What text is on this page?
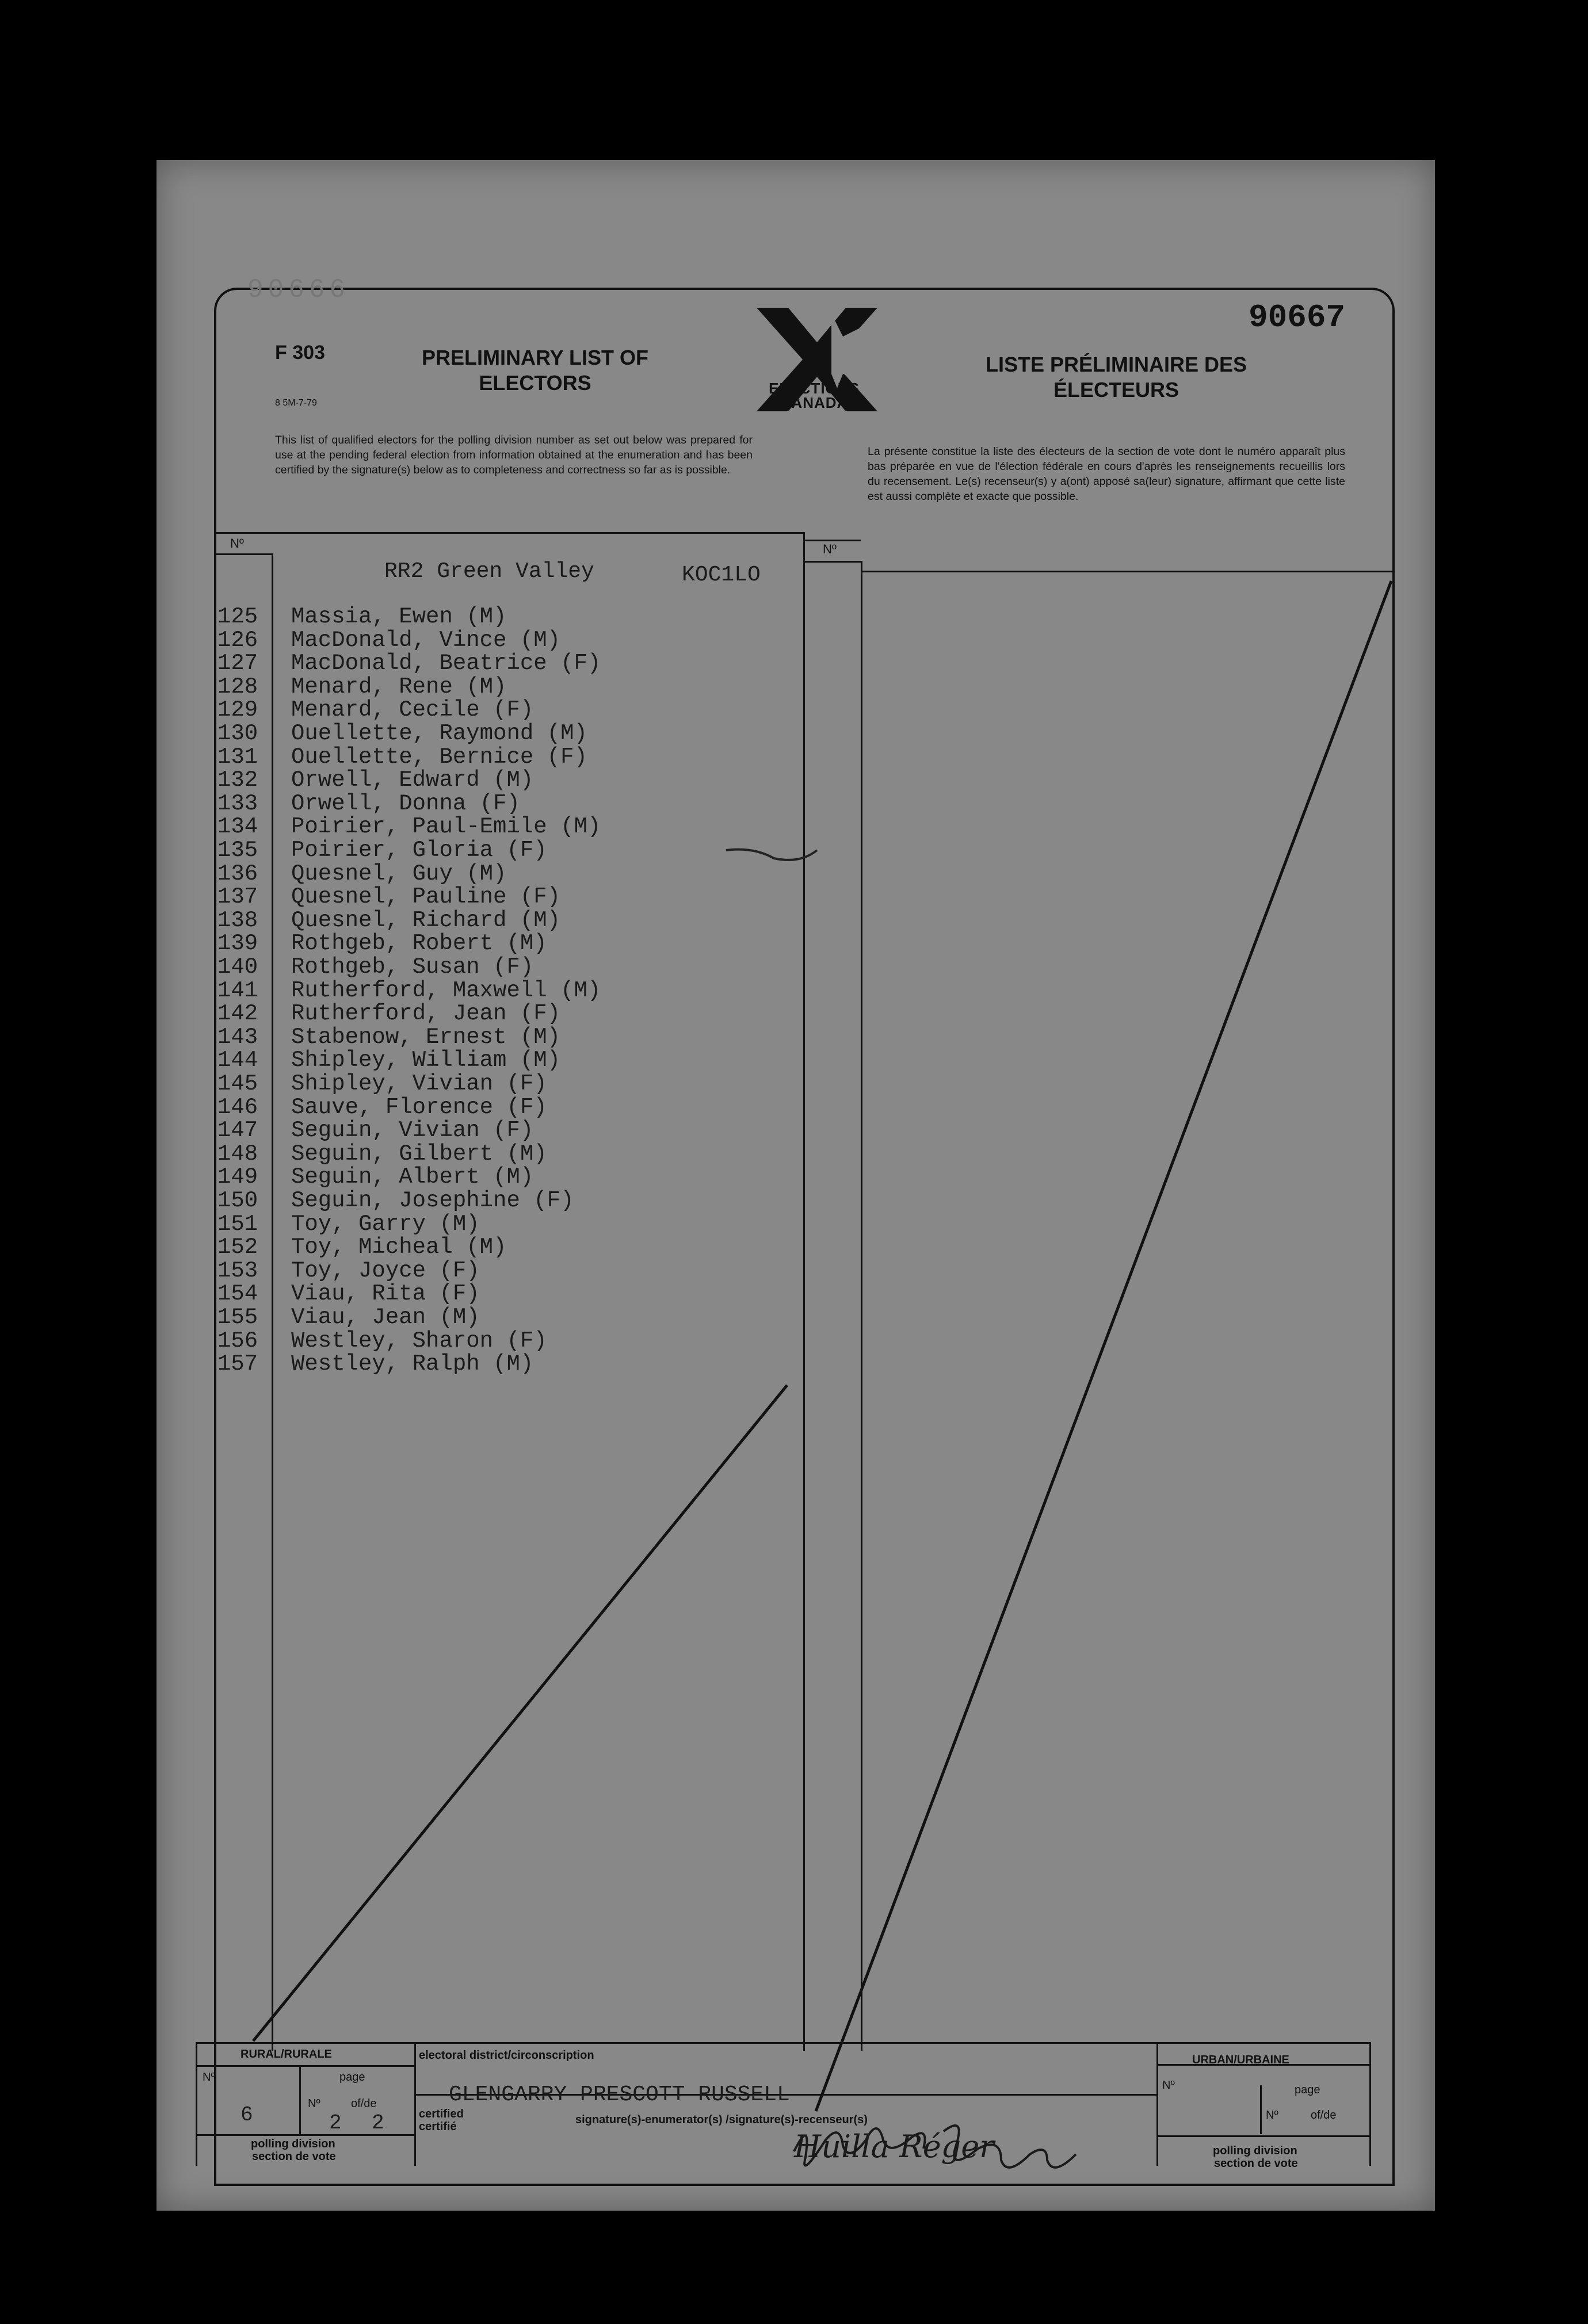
90666
F 303
8 5M-7-79
PRELIMINARY LIST OF ELECTORS	ELECTIONS
CANADA
LISTE PRÉLIMINAIRE DES ÉLECTEURS
90667
This list of qualified electors for the polling division number as set out below was prepared for use at the pending federal election from information obtained at the enumeration and has been certified by the signature(s) below as to completeness and correctness so far as is possible.
La présente constitue la liste des électeurs de la section de vote dont le numéro apparaît plus bas préparée en vue de l'élection fédérale en cours d'après les renseignements recueillis lors du recensement. Le(s) recenseur(s) y a(ont) apposé sa(leur) signature, affirmant que cette liste est aussi complète et exacte que possible.
Nº	Nº
RR2 Green Valley	KOC1LO
125	Massia, Ewen (M)
126	MacDonald, Vince (M)
127	MacDonald, Beatrice (F)
128	Menard, Rene (M)
129	Menard, Cecile (F)
130	Ouellette, Raymond (M)
131	Ouellette, Bernice (F)
132	Orwell, Edward (M)
133	Orwell, Donna (F)
134	Poirier, Paul-Emile (M)
135	Poirier, Gloria (F)
136	Quesnel, Guy (M)
137	Quesnel, Pauline (F)
138	Quesnel, Richard (M)
139	Rothgeb, Robert (M)
140	Rothgeb, Susan (F)
141	Rutherford, Maxwell (M)
142	Rutherford, Jean (F)
143	Stabenow, Ernest (M)
144	Shipley, William (M)
145	Shipley, Vivian (F)
146	Sauve, Florence (F)
147	Seguin, Vivian (F)
148	Seguin, Gilbert (M)
149	Seguin, Albert (M)
150	Seguin, Josephine (F)
151	Toy, Garry (M)
152	Toy, Micheal (M)
153	Toy, Joyce (F)
154	Viau, Rita (F)
155	Viau, Jean (M)
156	Westley, Sharon (F)
157	Westley, Ralph (M)
RURAL/RURALE
Nº
6
page
Nº	of/de
2 2
polling division
section de vote
electoral district/circonscription
GLENGARRY PRESCOTT RUSSELL
certified
certifié
signature(s)-enumerator(s) /signature(s)-recenseur(s)
Huilla Réger
URBAN/URBAINE
Nº	page
Nº	of/de
polling division
section de vote
